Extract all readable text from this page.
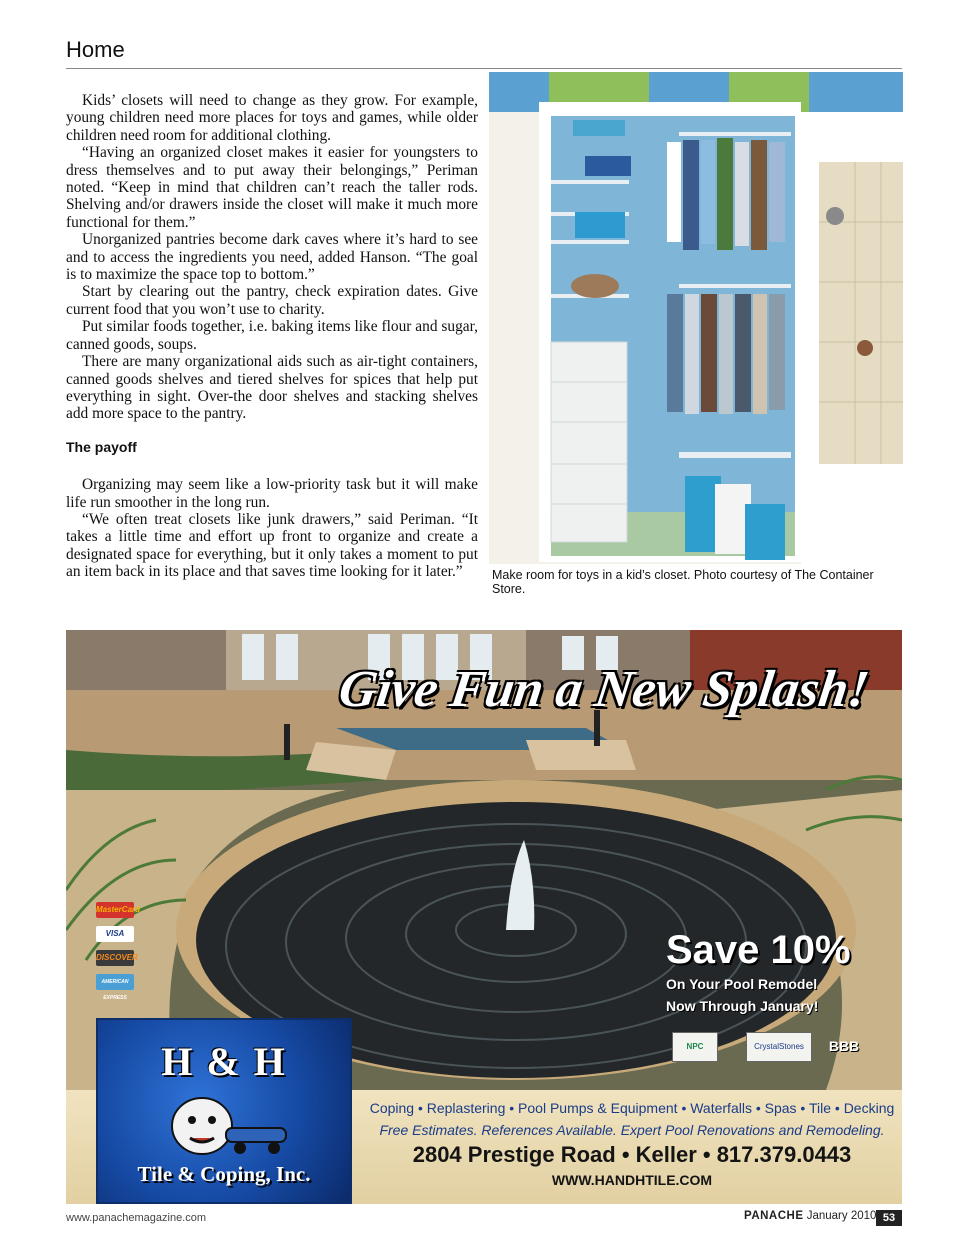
Home

Kids’ closets will need to change as they grow. For example, young children need more places for toys and games, while older children need room for additional clothing.

“Having an organized closet makes it easier for youngsters to dress themselves and to put away their belongings,” Periman noted. “Keep in mind that children can’t reach the taller rods. Shelving and/or drawers inside the closet will make it much more functional for them.”

Unorganized pantries become dark caves where it’s hard to see and to access the ingredients you need, added Hanson. “The goal is to maximize the space top to bottom.”

Start by clearing out the pantry, check expiration dates. Give current food that you won’t use to charity.

Put similar foods together, i.e. baking items like flour and sugar, canned goods, soups.

There are many organizational aids such as air-tight containers, canned goods shelves and tiered shelves for spices that help put everything in sight. Over-the door shelves and stacking shelves add more space to the pantry.

The payoff

Organizing may seem like a low-priority task but it will make life run smoother in the long run.

“We often treat closets like junk drawers,” said Periman. “It takes a little time and effort up front to organize and create a designated space for everything, but it only takes a moment to put an item back in its place and that saves time looking for it later.”	Make room for toys in a kid’s closet. Photo courtesy of The Container Store.
Give Fun a New Splash!
MasterCard
VISA
DISCOVER
AMERICAN EXPRESS
Save 10%
On Your Pool Remodel
Now Through January!
NPC	CrystalStones	BBB
H & H
Tile & Coping, Inc.
Coping • Replastering • Pool Pumps & Equipment • Waterfalls • Spas • Tile • Decking
Free Estimates. References Available. Expert Pool Renovations and Remodeling.
2804 Prestige Road • Keller • 817.379.0443
WWW.HANDHTILE.COM
www.panachemagazine.com	PANACHE January 2010 53
